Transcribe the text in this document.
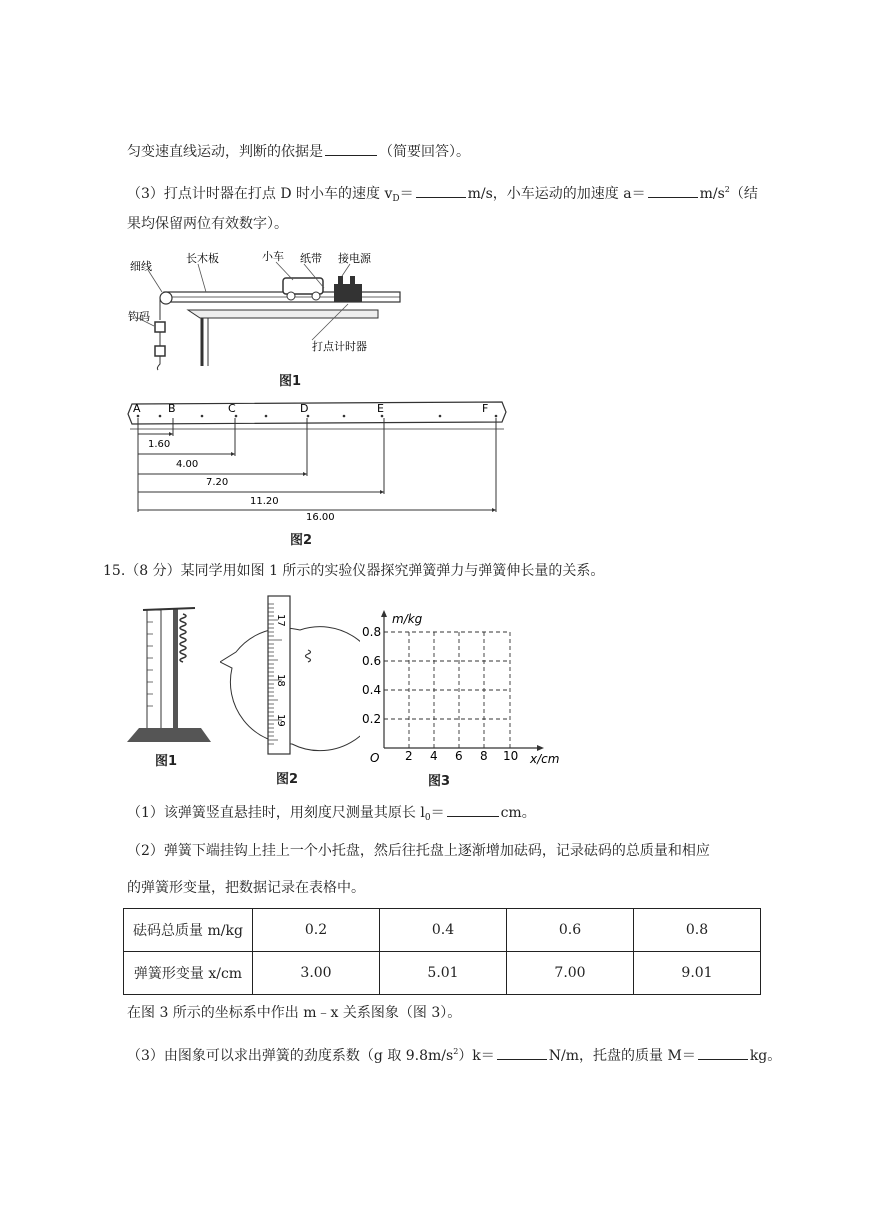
匀变速直线运动，判断的依据是	（简要回答）。
（3）打点计时器在打点 D 时小车的速度 $v_D=$	m/s，小车运动的加速度 a＝	$m/s^2$（结
果均保留两位有效数字）。
细线
长木板	小车 纸带 接电源
钩码
打点计时器
图1
A B	C	D	E	F
1.60
4.00
7.20
11.20
16.00
图2
15.（8 分）某同学用如图 1 所示的实验仪器探究弹簧弹力与弹簧伸长量的关系。
图1
17
18
19
图2
m/kg
O
0.2
0.4
0.6
0.8
2 4 6 8 10 x/cm
图3
（1）该弹簧竖直悬挂时，用刻度尺测量其原长 $l_0=$	cm。
（2）弹簧下端挂钩上挂上一个小托盘，然后往托盘上逐渐增加砝码，记录砝码的总质量和相应
的弹簧形变量，把数据记录在表格中。
砝码总质量 m/kg	0.2	0.4	0.6	0.8
弹簧形变量 x/cm	3.00	5.01	7.00	9.01
在图 3 所示的坐标系中作出 m﹣x 关系图象（图 3）。
（3）由图象可以求出弹簧的劲度系数（g 取 $9.8m/s^2)k=$	N/m，托盘的质量 M＝	kg。
